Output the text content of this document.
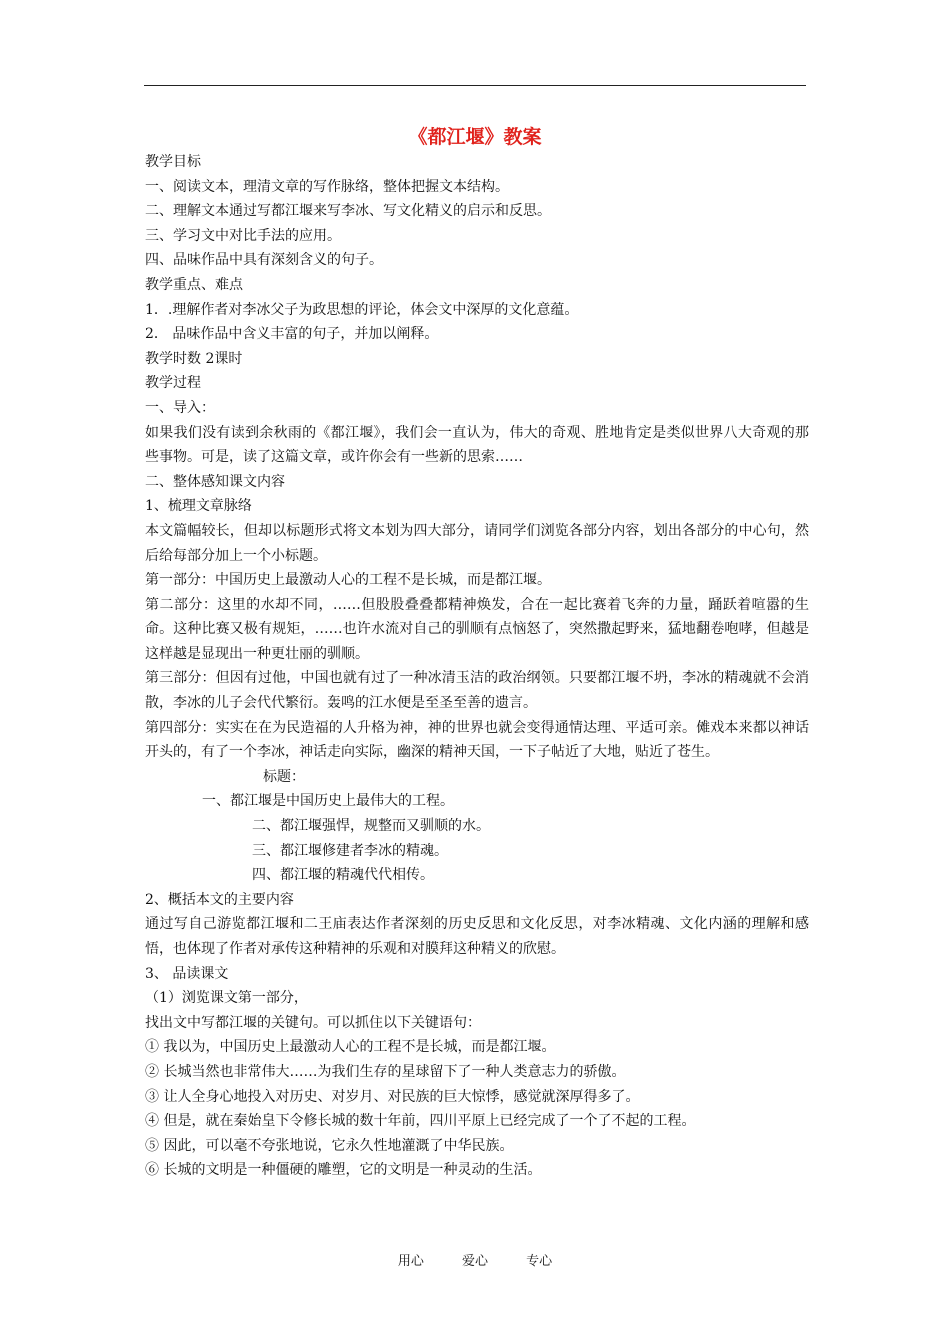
《都江堰》教案

教学目标

一、阅读文本，理清文章的写作脉络，整体把握文本结构。

二、理解文本通过写都江堰来写李冰、写文化精义的启示和反思。

三、学习文中对比手法的应用。

四、品味作品中具有深刻含义的句子。

教学重点、难点

1．.理解作者对李冰父子为政思想的评论，体会文中深厚的文化意蕴。

2． 品味作品中含义丰富的句子，并加以阐释。

教学时数 2课时

教学过程

一、导入：

如果我们没有读到余秋雨的《都江堰》，我们会一直认为，伟大的奇观、胜地肯定是类似世界八大奇观的那些事物。可是，读了这篇文章，或许你会有一些新的思索……

二、整体感知课文内容

1、梳理文章脉络

本文篇幅较长，但却以标题形式将文本划为四大部分，请同学们浏览各部分内容，划出各部分的中心句，然后给每部分加上一个小标题。

第一部分：中国历史上最激动人心的工程不是长城，而是都江堰。

第二部分：这里的水却不同，……但股股叠叠都精神焕发，合在一起比赛着飞奔的力量，踊跃着喧嚣的生命。这种比赛又极有规矩，……也许水流对自己的驯顺有点恼怒了，突然撒起野来，猛地翻卷咆哮，但越是这样越是显现出一种更壮丽的驯顺。

第三部分：但因有过他，中国也就有过了一种冰清玉洁的政治纲领。只要都江堰不坍，李冰的精魂就不会消散，李冰的儿子会代代繁衍。轰鸣的江水便是至圣至善的遗言。

第四部分：实实在在为民造福的人升格为神，神的世界也就会变得通情达理、平适可亲。傩戏本来都以神话开头的，有了一个李冰，神话走向实际，幽深的精神天国，一下子帖近了大地，贴近了苍生。

标题：

一、都江堰是中国历史上最伟大的工程。

二、都江堰强悍，规整而又驯顺的水。

三、都江堰修建者李冰的精魂。

四、都江堰的精魂代代相传。

2、概括本文的主要内容

通过写自己游览都江堰和二王庙表达作者深刻的历史反思和文化反思，对李冰精魂、文化内涵的理解和感悟，也体现了作者对承传这种精神的乐观和对膜拜这种精义的欣慰。

3、 品读课文

（1）浏览课文第一部分，

找出文中写都江堰的关键句。可以抓住以下关键语句：

① 我以为，中国历史上最激动人心的工程不是长城，而是都江堰。

② 长城当然也非常伟大……为我们生存的星球留下了一种人类意志力的骄傲。

③ 让人全身心地投入对历史、对岁月、对民族的巨大惊悸，感觉就深厚得多了。

④ 但是，就在秦始皇下令修长城的数十年前，四川平原上已经完成了一个了不起的工程。

⑤ 因此，可以毫不夸张地说，它永久性地灌溉了中华民族。

⑥ 长城的文明是一种僵硬的雕塑，它的文明是一种灵动的生活。

用心	爱心	专心
